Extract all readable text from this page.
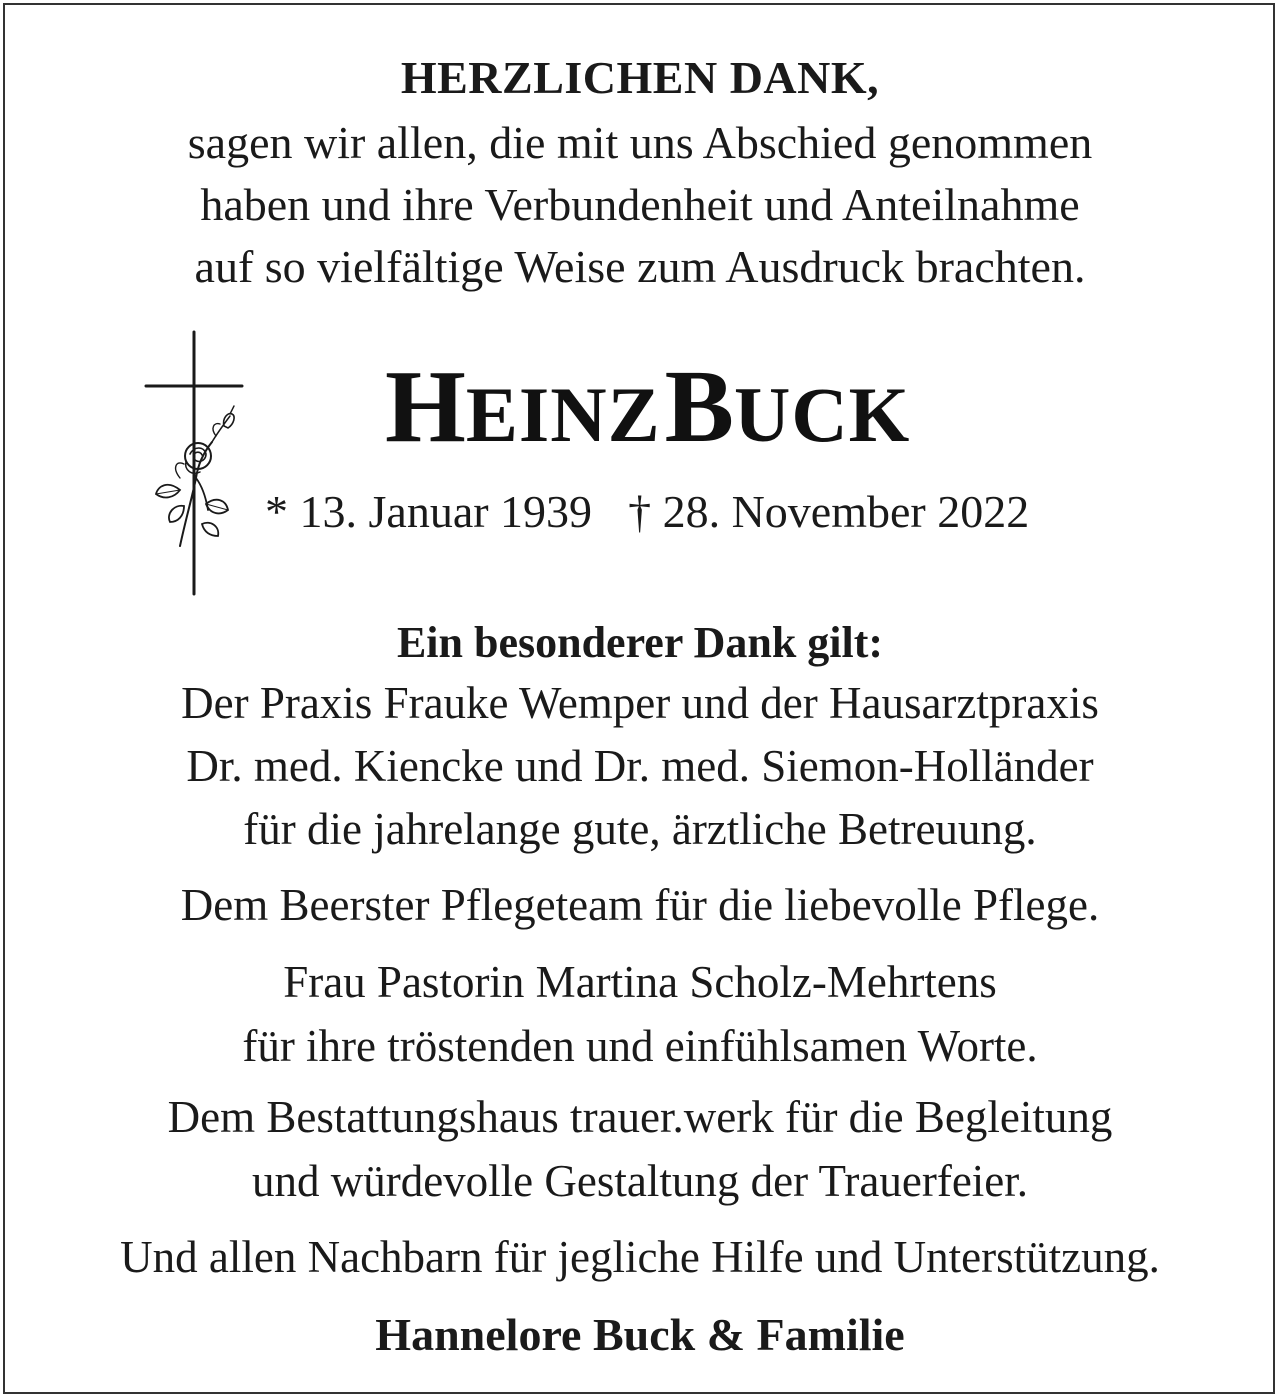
HERZLICHEN DANK,
sagen wir allen, die mit uns Abschied genommen
haben und ihre Verbundenheit und Anteilnahme
auf so vielfältige Weise zum Ausdruck brachten.
HEINZ BUCK
* 13. Januar 1939 † 28. November 2022
Ein besonderer Dank gilt:
Der Praxis Frauke Wemper und der Hausarztpraxis
Dr. med. Kiencke und Dr. med. Siemon-Holländer
für die jahrelange gute, ärztliche Betreuung.
Dem Beerster Pflegeteam für die liebevolle Pflege.
Frau Pastorin Martina Scholz-Mehrtens
für ihre tröstenden und einfühlsamen Worte.
Dem Bestattungshaus trauer.werk für die Begleitung
und würdevolle Gestaltung der Trauerfeier.
Und allen Nachbarn für jegliche Hilfe und Unterstützung.
Hannelore Buck & Familie
